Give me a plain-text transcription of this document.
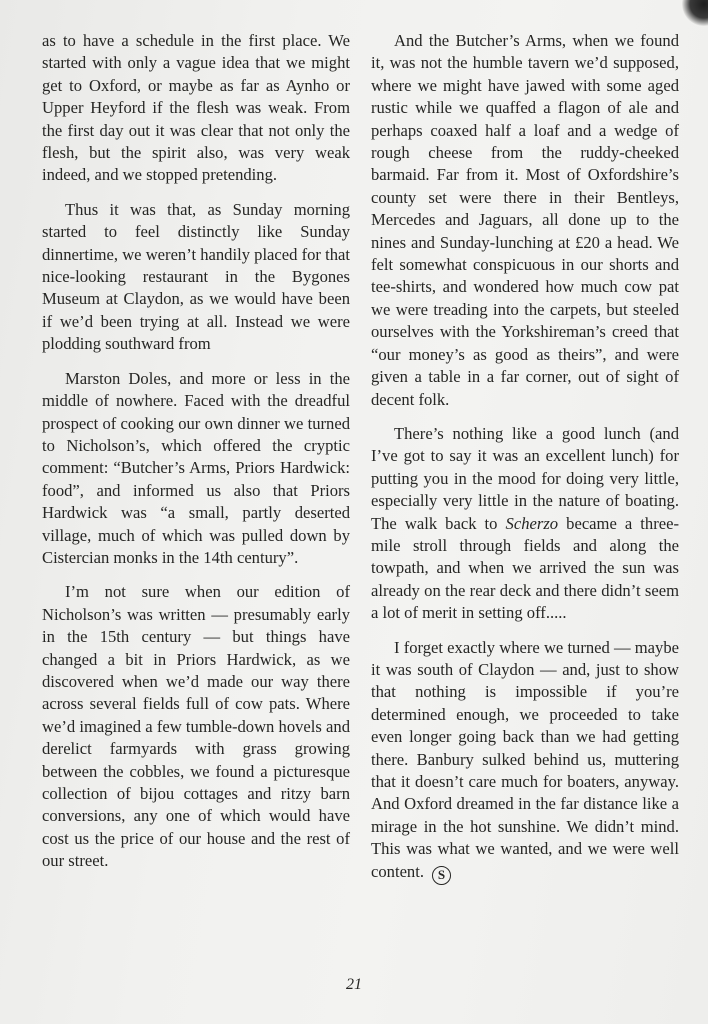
as to have a schedule in the first place. We started with only a vague idea that we might get to Oxford, or maybe as far as Aynho or Upper Heyford if the flesh was weak. From the first day out it was clear that not only the flesh, but the spirit also, was very weak indeed, and we stopped pretending.

Thus it was that, as Sunday morning started to feel distinctly like Sunday dinnertime, we weren’t handily placed for that nice-looking restaurant in the Bygones Museum at Claydon, as we would have been if we’d been trying at all. Instead we were plodding southward from

Marston Doles, and more or less in the middle of nowhere. Faced with the dreadful prospect of cooking our own dinner we turned to Nicholson’s, which offered the cryptic comment: “Butcher’s Arms, Priors Hardwick: food”, and informed us also that Priors Hardwick was “a small, partly deserted village, much of which was pulled down by Cistercian monks in the 14th century”.

I’m not sure when our edition of Nicholson’s was written — presumably early in the 15th century — but things have changed a bit in Priors Hardwick, as we discovered when we’d made our way there across several fields full of cow pats. Where we’d imagined a few tumble-down hovels and derelict farmyards with grass growing between the cobbles, we found a picturesque collection of bijou cottages and ritzy barn conversions, any one of which would have cost us the price of our house and the rest of our street.

And the Butcher’s Arms, when we found it, was not the humble tavern we’d supposed, where we might have jawed with some aged rustic while we quaffed a flagon of ale and perhaps coaxed half a loaf and a wedge of rough cheese from the ruddy-cheeked barmaid. Far from it. Most of Oxfordshire’s county set were there in their Bentleys, Mercedes and Jaguars, all done up to the nines and Sunday-lunching at £20 a head. We felt somewhat conspicuous in our shorts and tee-shirts, and wondered how much cow pat we were treading into the carpets, but steeled ourselves with the Yorkshireman’s creed that “our money’s as good as theirs”, and were given a table in a far corner, out of sight of decent folk.

There’s nothing like a good lunch (and I’ve got to say it was an excellent lunch) for putting you in the mood for doing very little, especially very little in the nature of boating. The walk back to Scherzo became a three-mile stroll through fields and along the towpath, and when we arrived the sun was already on the rear deck and there didn’t seem a lot of merit in setting off.....

I forget exactly where we turned — maybe it was south of Claydon — and, just to show that nothing is impossible if you’re determined enough, we proceeded to take even longer going back than we had getting there. Banbury sulked behind us, muttering that it doesn’t care much for boaters, anyway. And Oxford dreamed in the far distance like a mirage in the hot sunshine. We didn’t mind. This was what we wanted, and we were well content. S

21
